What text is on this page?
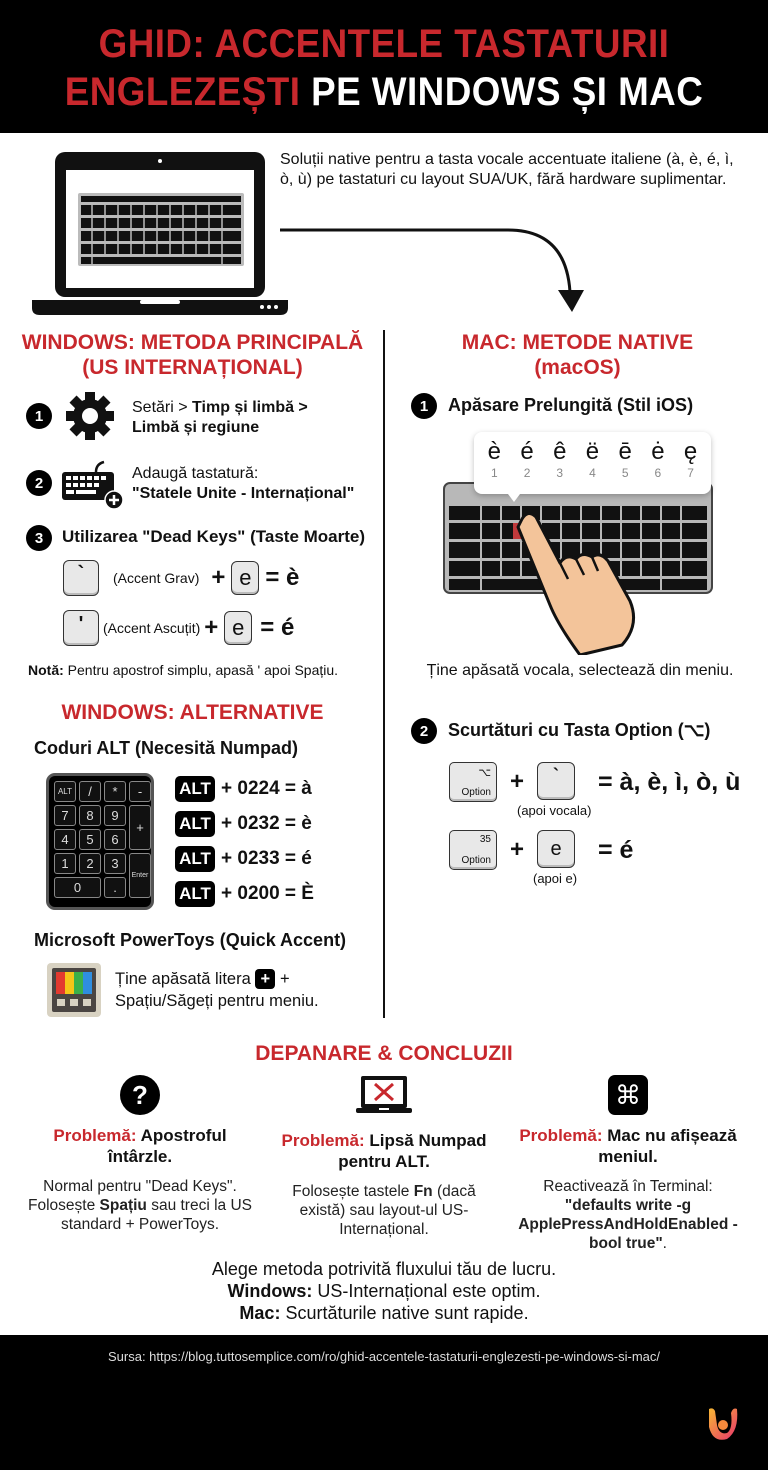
GHID: ACCENTELE TASTATURII
ENGLEZEȘTI PE WINDOWS ȘI MAC
Soluții native pentru a tasta vocale accentuate italiene (à, è, é, ì, ò, ù) pe tastaturi cu layout SUA/UK, fără hardware suplimentar.
WINDOWS: METODA PRINCIPALĂ
(US INTERNAȚIONAL)
1	Setări > Timp și limbă >
Limbă și regiune
2
Adaugă tastatură:
"Statele Unite - Internațional"
3	Utilizarea "Dead Keys" (Taste Moarte)
`	(Accent Grav) + e = è
'	(Accent Ascuțit) + e = é
Notă: Pentru apostrof simplu, apasă ' apoi Spațiu.
WINDOWS: ALTERNATIVE
Coduri ALT (Necesită Numpad)
ALT	/	*	-
7	8	9
+
4	5	6
1	2	3
Enter
0	.
ALT + 0224 = à
ALT + 0232 = è
ALT + 0233 = é
ALT + 0200 = È
Microsoft PowerToys (Quick Accent)
Ține apăsată litera + +
Spațiu/Săgeți pentru meniu.
MAC: METODE NATIVE
(macOS)
1	Apăsare Prelungită (Stil iOS)
è
1
é
2
ê
3
ë
4
ē
5
ė
6
ę
7
Ține apăsată vocala, selectează din meniu.
2	Scurtături cu Tasta Option (⌥)
⌥
Option +	`
(apoi vocala)
= à, è, ì, ò, ù
35
Option +	e
(apoi e)
= é
DEPANARE & CONCLUZII
?
Problemă: Apostroful întârzle.
Normal pentru "Dead Keys". Folosește Spațiu sau treci la US standard + PowerToys.
Problemă: Lipsă Numpad pentru ALT.
Folosește tastele Fn (dacă există) sau layout-ul US-Internațional.
⌘
Problemă: Mac nu afișează meniul.
Reactivează în Terminal: "defaults write -g ApplePressAndHoldEnabled -bool true".
Alege metoda potrivită fluxului tău de lucru.
Windows: US-Internațional este optim.
Mac: Scurtăturile native sunt rapide.
Sursa: https://blog.tuttosemplice.com/ro/ghid-accentele-tastaturii-englezesti-pe-windows-si-mac/
